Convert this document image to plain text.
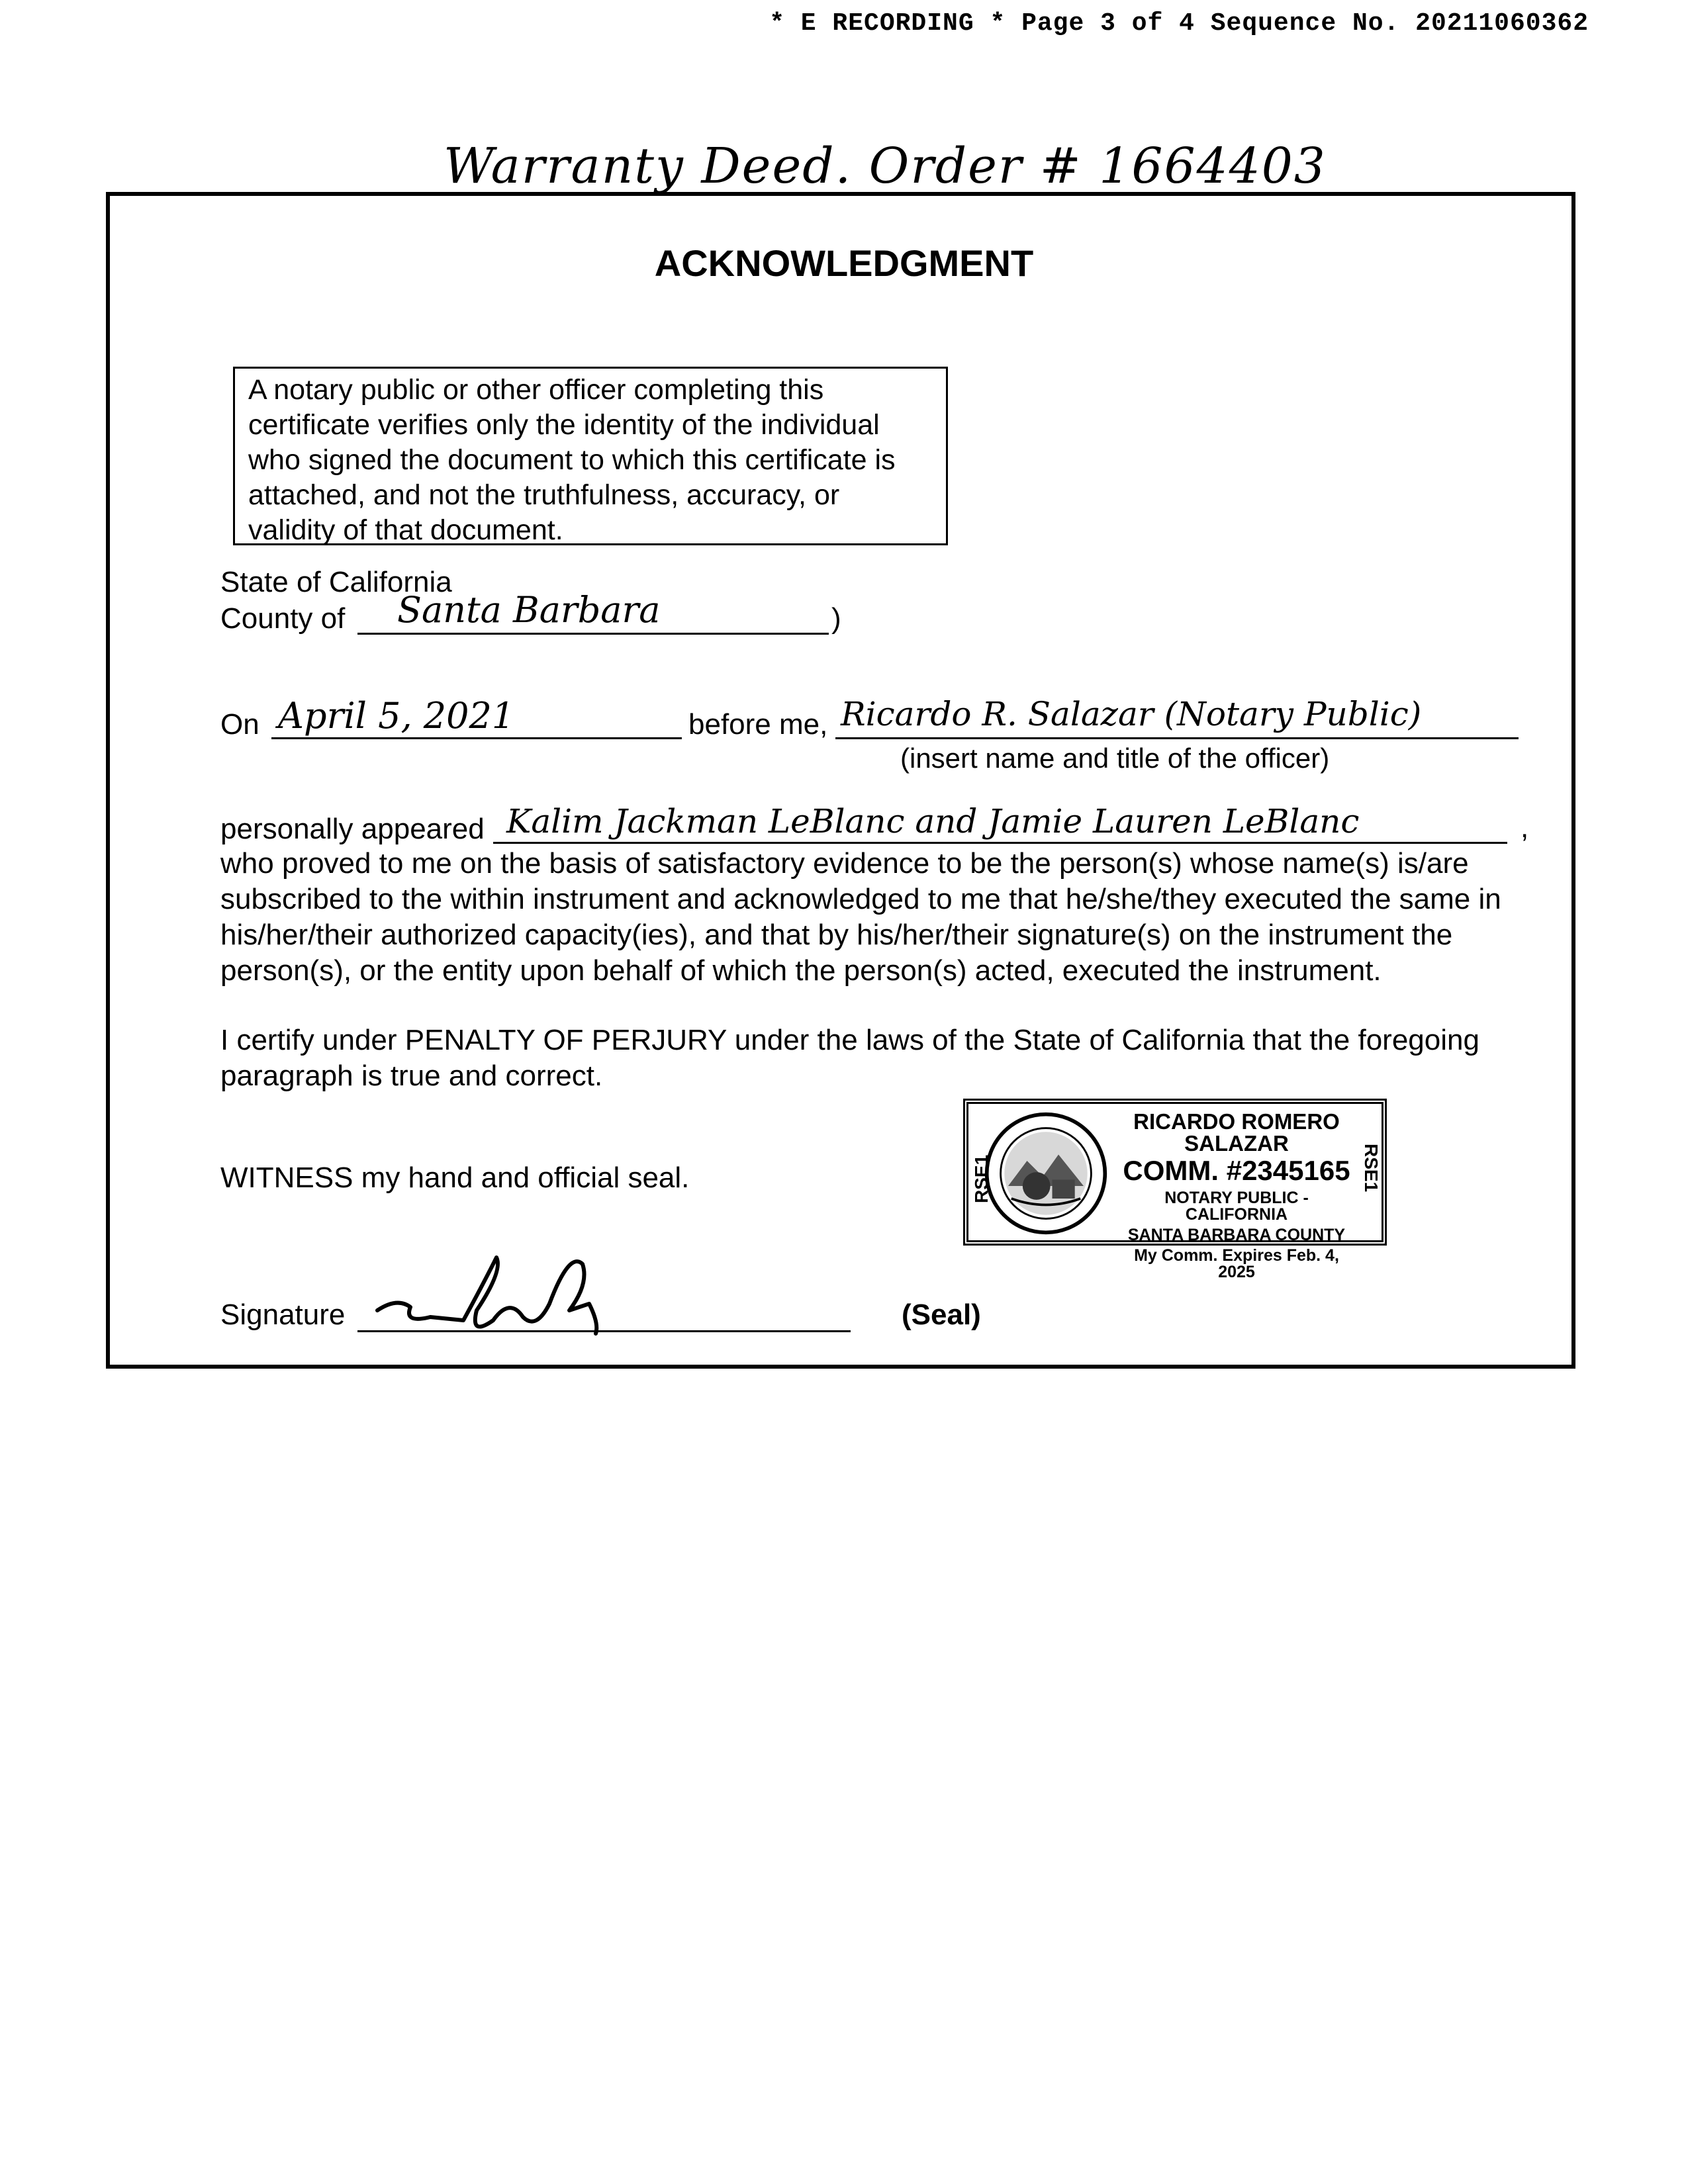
* E RECORDING * Page 3 of 4 Sequence No. 20211060362
Warranty Deed. Order # 1664403
ACKNOWLEDGMENT
A notary public or other officer completing this certificate verifies only the identity of the individual who signed the document to which this certificate is attached, and not the truthfulness, accuracy, or validity of that document.
State of California
County of Santa Barbara	)
On April 5, 2021	before me, Ricardo R. Salazar (Notary Public)
(insert name and title of the officer)
personally appeared Kalim Jackman LeBlanc and Jamie Lauren LeBlanc	,
who proved to me on the basis of satisfactory evidence to be the person(s) whose name(s) is/are
subscribed to the within instrument and acknowledged to me that he/she/they executed the same in
his/her/their authorized capacity(ies), and that by his/her/their signature(s) on the instrument the
person(s), or the entity upon behalf of which the person(s) acted, executed the instrument.
I certify under PENALTY OF PERJURY under the laws of the State of California that the foregoing
paragraph is true and correct.
WITNESS my hand and official seal.
RICARDO ROMERO SALAZAR
COMM. #2345165
NOTARY PUBLIC - CALIFORNIA
SANTA BARBARA COUNTY
My Comm. Expires Feb. 4, 2025
RSE1	RSE1
Signature	(Seal)
